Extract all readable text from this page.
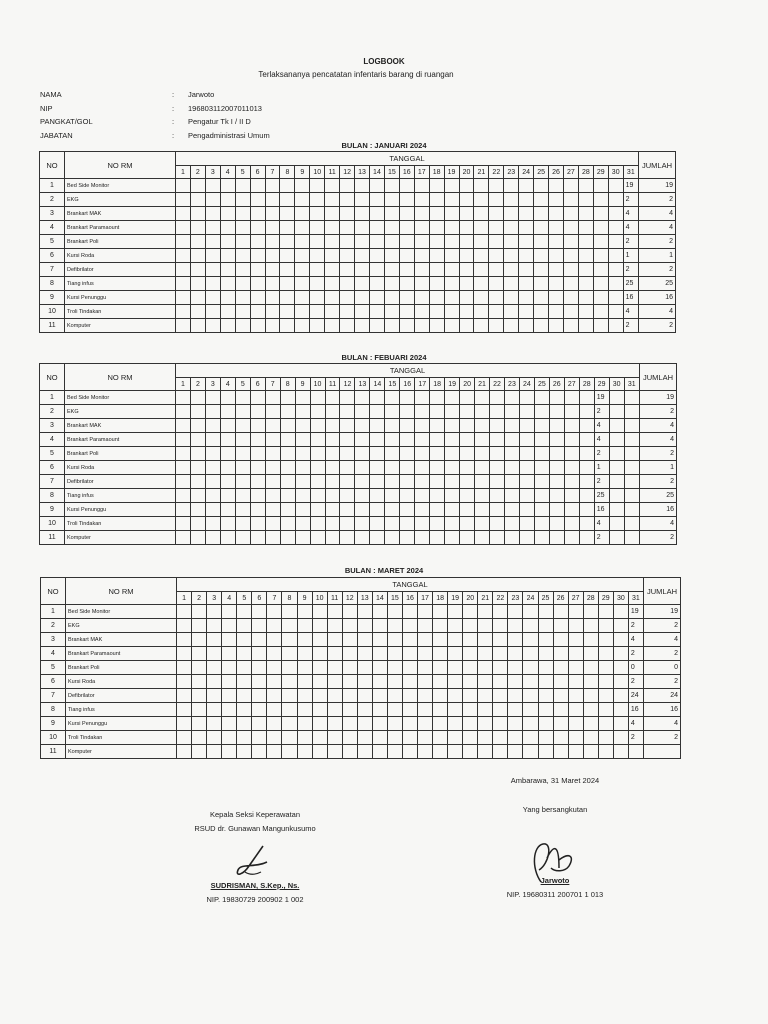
LOGBOOK
Terlaksananya pencatatan infentaris barang di ruangan
NAMA	:	Jarwoto
NIP	:	196803112007011013
PANGKAT/GOL	:	Pengatur Tk I / II D
JABATAN	:	Pengadministrasi Umum
BULAN : JANUARI 2024
NO	NO RM	TANGGAL																															JUMLAH
		1	2	3	4	5	6	7	8	9	10	11	12	13	14	15	16	17	18	19	20	21	22	23	24	25	26	27	28	29	30	31	
1	Bed Side Monitor																															19	19
2	EKG																															2	2
3	Brankart MAK																															4	4
4	Brankart Paramaount																															4	4
5	Brankart Poli																															2	2
6	Kursi Roda																															1	1
7	Defibrilator																															2	2
8	Tiang infus																															25	25
9	Kursi Penunggu																															16	16
10	Troli Tindakan																															4	4
11	Komputer																															2	2
BULAN : FEBUARI 2024
NO	NO RM	TANGGAL																															JUMLAH
		1	2	3	4	5	6	7	8	9	10	11	12	13	14	15	16	17	18	19	20	21	22	23	24	25	26	27	28	29	30	31	
1	Bed Side Monitor																													19			19
2	EKG																													2			2
3	Brankart MAK																													4			4
4	Brankart Paramaount																													4			4
5	Brankart Poli																													2			2
6	Kursi Roda																													1			1
7	Defibrilator																													2			2
8	Tiang infus																													25			25
9	Kursi Penunggu																													16			16
10	Troli Tindakan																													4			4
11	Komputer																													2			2
BULAN : MARET 2024
NO	NO RM	TANGGAL																															JUMLAH
		1	2	3	4	5	6	7	8	9	10	11	12	13	14	15	16	17	18	19	20	21	22	23	24	25	26	27	28	29	30	31	
1	Bed Side Monitor																															19	19
2	EKG																															2	2
3	Brankart MAK																															4	4
4	Brankart Paramaount																															2	2
5	Brankart Poli																															0	0
6	Kursi Roda																															2	2
7	Defibrilator																															24	24
8	Tiang infus																															16	16
9	Kursi Penunggu																															4	4
10	Troli Tindakan																															2	2
11	Komputer																																
Ambarawa, 31 Maret 2024
Yang bersangkutan
Kepala Seksi Keperawatan
RSUD dr. Gunawan Mangunkusumo
SUDRISMAN, S.Kep., Ns.
NIP. 19830729 200902 1 002
Jarwoto
NIP. 19680311 200701 1 013
